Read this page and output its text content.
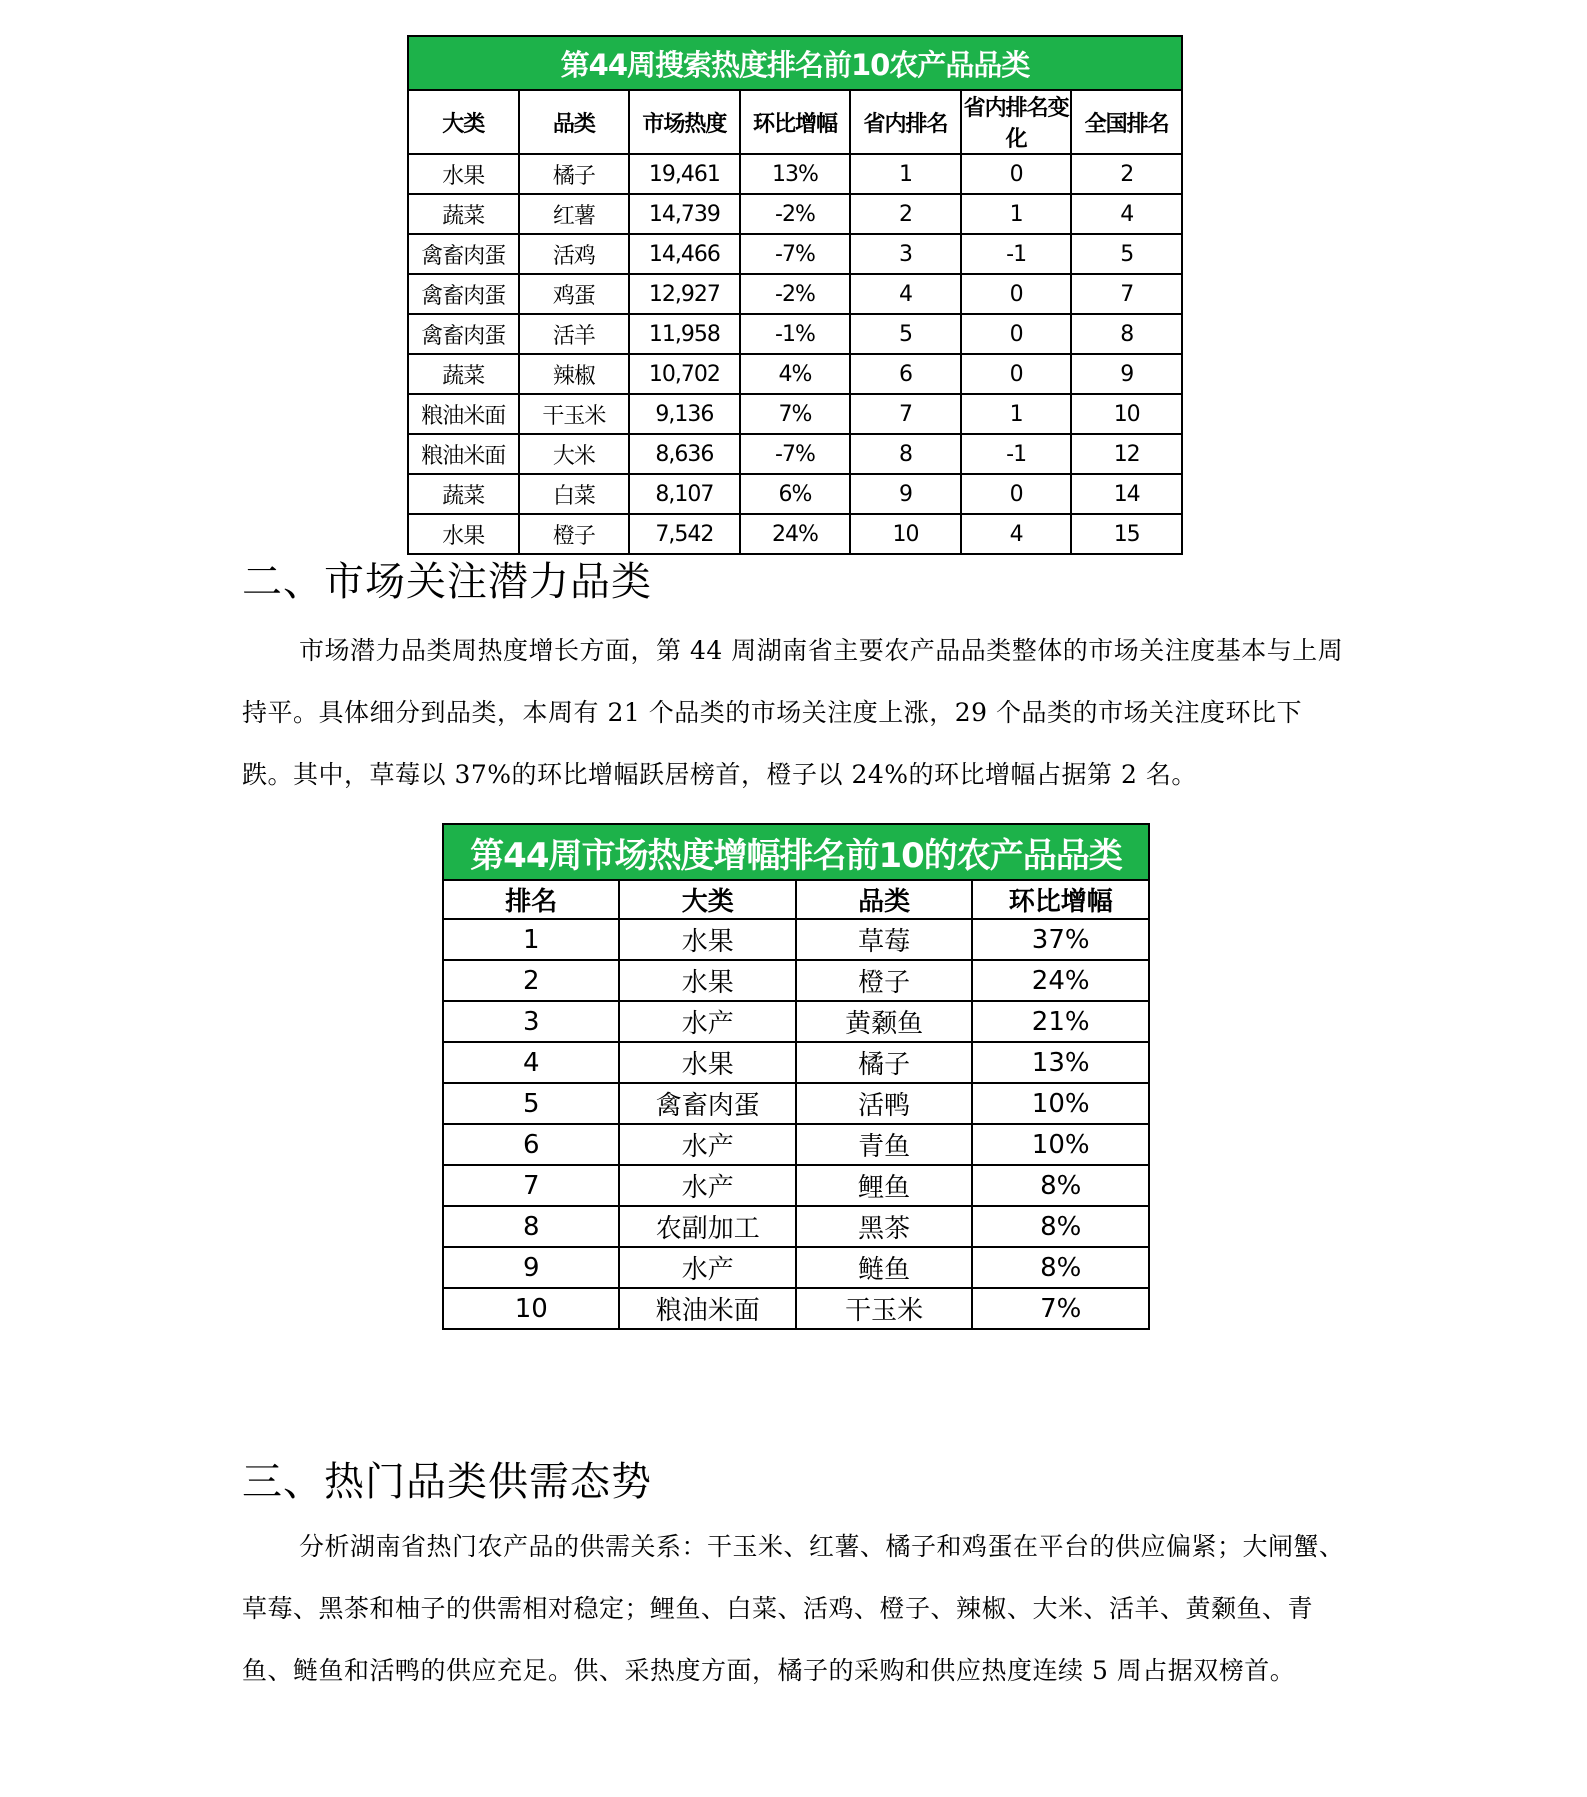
第44周搜索热度排名前10农产品品类						
大类	品类	市场热度	环比增幅	省内排名	省内排名变化	全国排名
水果	橘子	19,461	13%	1	0	2
蔬菜	红薯	14,739	-2%	2	1	4
禽畜肉蛋	活鸡	14,466	-7%	3	-1	5
禽畜肉蛋	鸡蛋	12,927	-2%	4	0	7
禽畜肉蛋	活羊	11,958	-1%	5	0	8
蔬菜	辣椒	10,702	4%	6	0	9
粮油米面	干玉米	9,136	7%	7	1	10
粮油米面	大米	8,636	-7%	8	-1	12
蔬菜	白菜	8,107	6%	9	0	14
水果	橙子	7,542	24%	10	4	15
二、市场关注潜力品类

市场潜力品类周热度增长方面，第 44 周湖南省主要农产品品类整体的市场关注度基本与上周持平。具体细分到品类，本周有 21 个品类的市场关注度上涨，29 个品类的市场关注度环比下跌。其中，草莓以 37%的环比增幅跃居榜首，橙子以 24%的环比增幅占据第 2 名。

第44周市场热度增幅排名前10的农产品品类			
排名	大类	品类	环比增幅
1	水果	草莓	37%
2	水果	橙子	24%
3	水产	黄颡鱼	21%
4	水果	橘子	13%
5	禽畜肉蛋	活鸭	10%
6	水产	青鱼	10%
7	水产	鲤鱼	8%
8	农副加工	黑茶	8%
9	水产	鲢鱼	8%
10	粮油米面	干玉米	7%
三、热门品类供需态势

分析湖南省热门农产品的供需关系：干玉米、红薯、橘子和鸡蛋在平台的供应偏紧；大闸蟹、草莓、黑茶和柚子的供需相对稳定；鲤鱼、白菜、活鸡、橙子、辣椒、大米、活羊、黄颡鱼、青鱼、鲢鱼和活鸭的供应充足。供、采热度方面，橘子的采购和供应热度连续 5 周占据双榜首。
